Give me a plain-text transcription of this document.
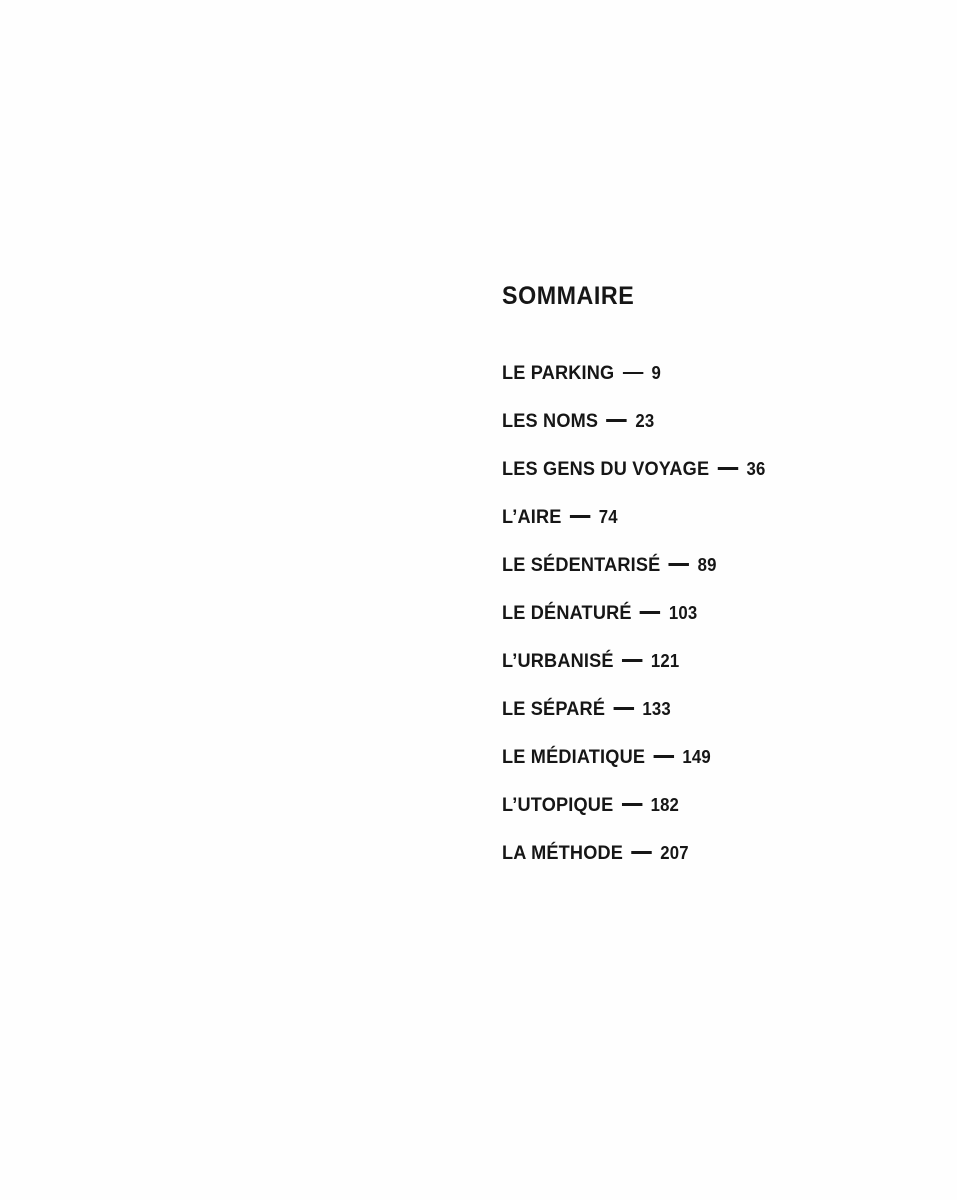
SOMMAIRE
LE PARKING 9
LES NOMS 23
LES GENS DU VOYAGE 36
L’AIRE 74
LE SÉDENTARISÉ 89
LE DÉNATURÉ 103
L’URBANISÉ 121
LE SÉPARÉ 133
LE MÉDIATIQUE 149
L’UTOPIQUE 182
LA MÉTHODE 207
